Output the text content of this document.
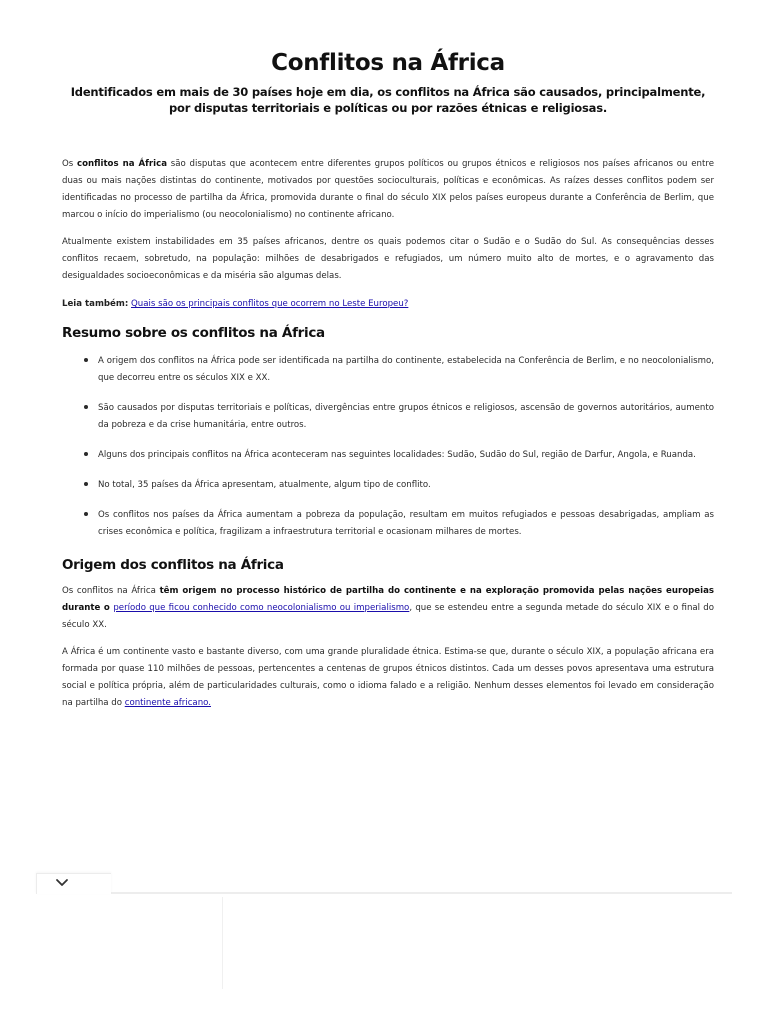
Conflitos na África
Identificados em mais de 30 países hoje em dia, os conflitos na África são causados, principalmente, por disputas territoriais e políticas ou por razões étnicas e religiosas.

Os conflitos na África são disputas que acontecem entre diferentes grupos políticos ou grupos étnicos e religiosos nos países africanos ou entre duas ou mais nações distintas do continente, motivados por questões socioculturais, políticas e econômicas. As raízes desses conflitos podem ser identificadas no processo de partilha da África, promovida durante o final do século XIX pelos países europeus durante a Conferência de Berlim, que marcou o início do imperialismo (ou neocolonialismo) no continente africano.

Atualmente existem instabilidades em 35 países africanos, dentre os quais podemos citar o Sudão e o Sudão do Sul. As consequências desses conflitos recaem, sobretudo, na população: milhões de desabrigados e refugiados, um número muito alto de mortes, e o agravamento das desigualdades socioeconômicas e da miséria são algumas delas.

Leia também: Quais são os principais conflitos que ocorrem no Leste Europeu?
Resumo sobre os conflitos na África
• A origem dos conflitos na África pode ser identificada na partilha do continente, estabelecida na Conferência de Berlim, e no neocolonialismo, que decorreu entre os séculos XIX e XX.
• São causados por disputas territoriais e políticas, divergências entre grupos étnicos e religiosos, ascensão de governos autoritários, aumento da pobreza e da crise humanitária, entre outros.
• Alguns dos principais conflitos na África aconteceram nas seguintes localidades: Sudão, Sudão do Sul, região de Darfur, Angola, e Ruanda.
• No total, 35 países da África apresentam, atualmente, algum tipo de conflito.
• Os conflitos nos países da África aumentam a pobreza da população, resultam em muitos refugiados e pessoas desabrigadas, ampliam as crises econômica e política, fragilizam a infraestrutura territorial e ocasionam milhares de mortes.
Origem dos conflitos na África

Os conflitos na África têm origem no processo histórico de partilha do continente e na exploração promovida pelas nações europeias durante o período que ficou conhecido como neocolonialismo ou imperialismo, que se estendeu entre a segunda metade do século XIX e o final do século XX.

A África é um continente vasto e bastante diverso, com uma grande pluralidade étnica. Estima-se que, durante o século XIX, a população africana era formada por quase 110 milhões de pessoas, pertencentes a centenas de grupos étnicos distintos. Cada um desses povos apresentava uma estrutura social e política própria, além de particularidades culturais, como o idioma falado e a religião. Nenhum desses elementos foi levado em consideração na partilha do continente africano.
